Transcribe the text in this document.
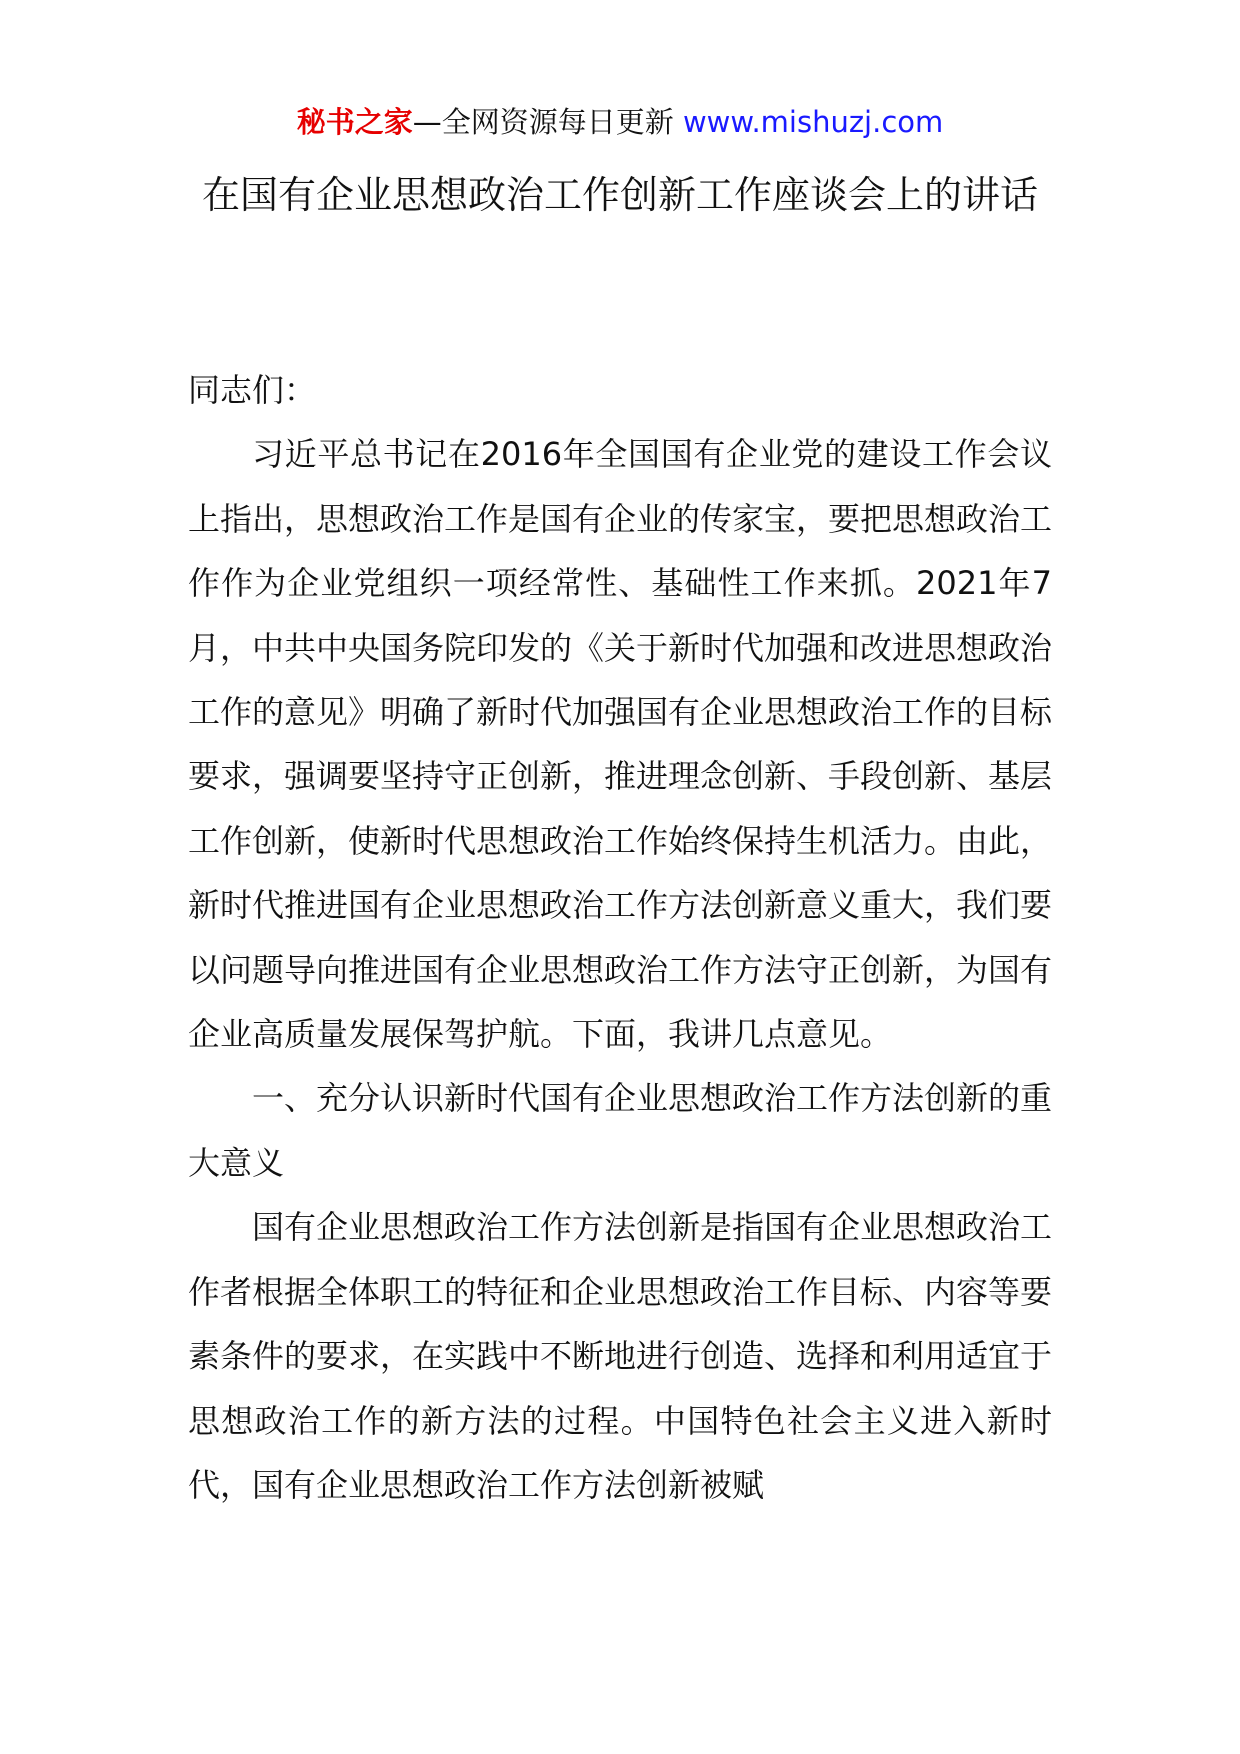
秘书之家—全网资源每日更新 www.mishuzj.com
在国有企业思想政治工作创新工作座谈会上的讲话

同志们：

习近平总书记在2016年全国国有企业党的建设工作会议上指出，思想政治工作是国有企业的传家宝，要把思想政治工作作为企业党组织一项经常性、基础性工作来抓。2021年7月，中共中央国务院印发的《关于新时代加强和改进思想政治工作的意见》明确了新时代加强国有企业思想政治工作的目标要求，强调要坚持守正创新，推进理念创新、手段创新、基层工作创新，使新时代思想政治工作始终保持生机活力。由此，新时代推进国有企业思想政治工作方法创新意义重大，我们要以问题导向推进国有企业思想政治工作方法守正创新，为国有企业高质量发展保驾护航。下面，我讲几点意见。

一、充分认识新时代国有企业思想政治工作方法创新的重大意义

国有企业思想政治工作方法创新是指国有企业思想政治工作者根据全体职工的特征和企业思想政治工作目标、内容等要素条件的要求，在实践中不断地进行创造、选择和利用适宜于思想政治工作的新方法的过程。中国特色社会主义进入新时代，国有企业思想政治工作方法创新被赋
